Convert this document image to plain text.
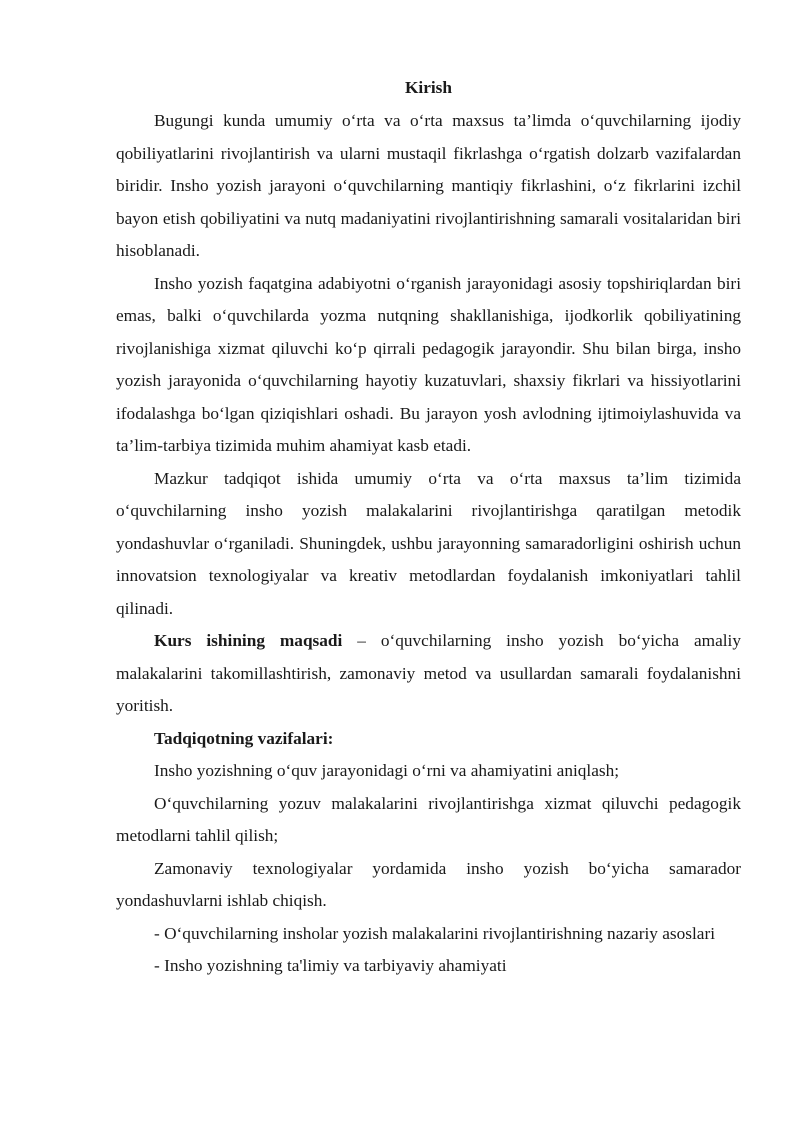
Kirish

Bugungi kunda umumiy o‘rta va o‘rta maxsus ta’limda o‘quvchilarning ijodiy qobiliyatlarini rivojlantirish va ularni mustaqil fikrlashga o‘rgatish dolzarb vazifalardan biridir. Insho yozish jarayoni o‘quvchilarning mantiqiy fikrlashini, o‘z fikrlarini izchil bayon etish qobiliyatini va nutq madaniyatini rivojlantirishning samarali vositalaridan biri hisoblanadi.

Insho yozish faqatgina adabiyotni o‘rganish jarayonidagi asosiy topshiriqlardan biri emas, balki o‘quvchilarda yozma nutqning shakllanishiga, ijodkorlik qobiliyatining rivojlanishiga xizmat qiluvchi ko‘p qirrali pedagogik jarayondir. Shu bilan birga, insho yozish jarayonida o‘quvchilarning hayotiy kuzatuvlari, shaxsiy fikrlari va hissiyotlarini ifodalashga bo‘lgan qiziqishlari oshadi. Bu jarayon yosh avlodning ijtimoiylashuvida va ta’lim-tarbiya tizimida muhim ahamiyat kasb etadi.

Mazkur tadqiqot ishida umumiy o‘rta va o‘rta maxsus ta’lim tizimida o‘quvchilarning insho yozish malakalarini rivojlantirishga qaratilgan metodik yondashuvlar o‘rganiladi. Shuningdek, ushbu jarayonning samaradorligini oshirish uchun innovatsion texnologiyalar va kreativ metodlardan foydalanish imkoniyatlari tahlil qilinadi.

Kurs ishining maqsadi – o‘quvchilarning insho yozish bo‘yicha amaliy malakalarini takomillashtirish, zamonaviy metod va usullardan samarali foydalanishni yoritish.

Tadqiqotning vazifalari:

Insho yozishning o‘quv jarayonidagi o‘rni va ahamiyatini aniqlash;

O‘quvchilarning yozuv malakalarini rivojlantirishga xizmat qiluvchi pedagogik metodlarni tahlil qilish;

Zamonaviy texnologiyalar yordamida insho yozish bo‘yicha samarador yondashuvlarni ishlab chiqish.

- O‘quvchilarning insholar yozish malakalarini rivojlantirishning nazariy asoslari

- Insho yozishning ta'limiy va tarbiyaviy ahamiyati
